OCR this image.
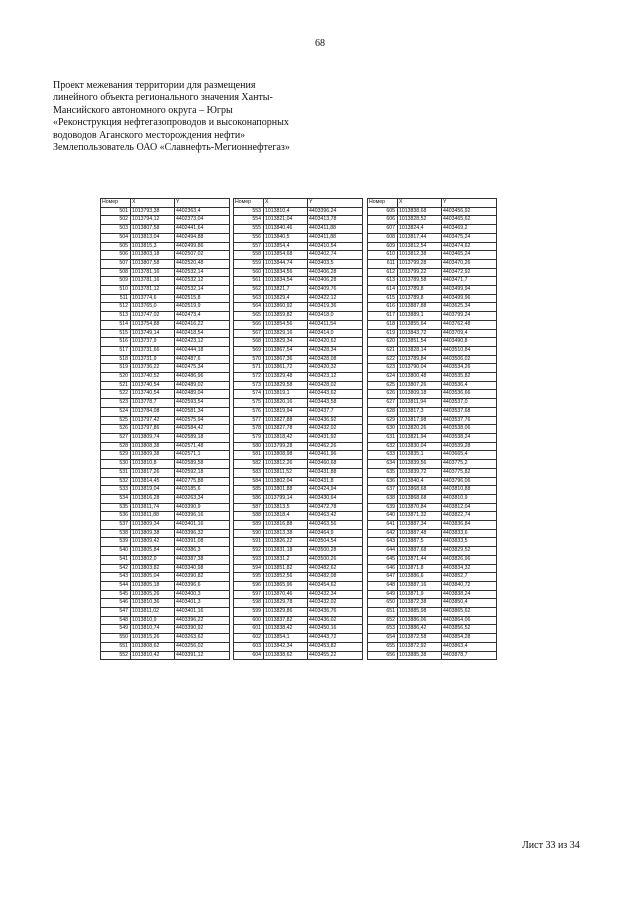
68
Проект межевания территории для размещения
линейного объекта регионального значения Ханты-
Мансийского автономного округа – Югры
«Реконструкция нефтегазопроводов и высоконапорных
водоводов Аганского месторождения нефти»
Землепользователь ОАО «Славнефть-Мегионнефтегаз»
Номер	X	Y
501	1013793,38	4402363,4
502	1013794,12	4402373,04
503	1013807,58	4402441,64
504	1013813,04	4402494,88
505	1013815,3	4402499,86
506	1013803,18	4402507,02
507	1013807,58	4402520,48
508	1013781,16	4402532,14
509	1013781,16	4402532,12
510	1013781,12	4402532,14
511	1013774,6	4402515,8
512	1013765,0	4402519,9
513	1013747,02	4402473,4
514	1013754,88	4402416,22
515	1013749,14	4402418,54
516	1013737,9	4402423,12
517	1013731,66	4402444,18
518	1013731,9	4402487,6
519	1013736,22	4402475,34
520	1013740,52	4402486,96
521	1013740,54	4402489,02
522	1013740,54	4402489,04
523	1013778,7	4402593,54
524	1013784,08	4402581,34
525	1013797,42	4402575,94
526	1013797,86	4402584,42
527	1013809,74	4402589,18
528	1013808,38	4402571,48
529	1013809,38	4402571,1
530	1013810,8	4402589,58
531	1013817,26	4402592,18
532	1013814,45	4402775,88
533	1013819,04	4403185,6
534	1013816,28	4403263,34
535	1013811,74	4403390,9
536	1013811,88	4403396,16
537	1013809,34	4403401,16
538	1013809,38	4403396,32
539	1013809,42	4403391,08
540	1013805,84	4403386,3
541	1013802,0	4403387,38
542	1013803,82	4403340,98
543	1013805,04	4403390,82
544	1013805,18	4403396,6
545	1013805,26	4403400,3
546	1013810,36	4403401,3
547	1013811,02	4403401,16
548	1013810,9	4403396,22
549	1013810,74	4403390,92
550	1013815,26	4403263,62
551	1013808,62	4403256,02
552	1013810,42	4403391,12
Номер	X	Y
553	1013810,4	4403396,24
554	1013821,04	4403413,78
555	1013840,46	4403411,88
556	1013840,5	4403411,88
557	1013854,4	4403410,54
558	1013854,68	4403402,74
559	1013844,74	4403403,5
560	1013834,56	4403406,28
561	1013834,54	4403406,28
562	1013821,7	4403409,76
563	1013829,4	4403422,12
564	1013860,92	4403419,36
565	1013859,82	4403418,0
566	1013854,56	4403411,54
567	1013829,16	4403414,0
568	1013829,34	4403420,62
569	1013867,54	4403428,34
570	1013867,36	4403428,08
571	1013861,72	4403420,32
572	1013829,48	4403423,12
573	1013829,58	4403428,02
574	1013819,1	4403443,62
575	1013820,16	4403443,58
576	1013819,94	4403437,7
577	1013827,88	4403436,92
578	1013827,78	4403432,02
579	1013818,42	4403431,92
580	1013799,28	4403462,26
581	1013808,98	4403461,96
582	1013812,26	4403460,68
583	1013811,52	4403431,88
584	1013802,04	4403431,8
585	1013801,88	4403424,94
586	1013799,14	4403430,64
587	1013813,5	4403472,78
588	1013818,4	4403463,42
589	1013816,88	4403463,56
590	1013813,38	4403464,9
591	1013826,22	4403504,54
592	1013831,18	4403500,28
593	1013831,2	4403500,26
594	1013851,82	4403482,62
595	1013852,56	4403482,08
596	1013865,96	4403454,62
597	1013870,46	4403432,34
598	1013829,78	4403432,02
599	1013829,86	4403436,76
600	1013837,82	4403436,02
601	1013838,42	4403450,16
602	1013854,1	4403443,72
603	1013842,34	4403453,82
604	1013838,62	4403455,22
Номер	X	Y
605	1013838,68	4403456,92
606	1013828,52	4403465,62
607	1013824,4	4403469,2
608	1013817,44	4403475,24
609	1013812,54	4403474,62
610	1013812,38	4403465,24
611	1013799,28	4403470,26
612	1013799,22	4403472,92
613	1013789,58	4403471,7
614	1013789,8	4403499,94
615	1013789,8	4403499,96
616	1013887,88	4403625,34
617	1013889,1	4403799,24
618	1013855,64	4403762,48
619	1013843,72	4403709,4
620	1013851,54	4403490,8
621	1013828,14	4403510,84
622	1013789,84	4403506,02
623	1013790,04	4403534,26
624	1013800,48	4403535,82
625	1013807,26	4403536,4
626	1013809,18	4403536,66
627	1013811,94	4403537,0
628	1013817,3	4403537,68
629	1013817,98	4403537,76
630	1013820,26	4403538,06
631	1013821,94	4403538,24
632	1013830,04	4403539,28
633	1013835,1	4403665,4
634	1013839,56	4403775,2
635	1013839,72	4403775,82
636	1013840,4	4403796,06
637	1013868,68	4403810,88
638	1013868,68	4403810,9
639	1013870,84	4403812,04
640	1013871,32	4403822,74
641	1013887,34	4403836,84
642	1013887,48	4403833,6
643	1013887,5	4403833,5
644	1013887,68	4403829,52
645	1013871,44	4403826,96
646	1013871,8	4403834,32
647	1013886,6	4403852,7
648	1013887,16	4403840,72
649	1013871,9	4403838,24
650	1013872,38	4403850,4
651	1013885,98	4403865,62
652	1013886,06	4403864,06
653	1013886,42	4403856,52
654	1013872,58	4403854,28
655	1013872,92	4403863,4
656	1013885,38	4403878,7
Лист 33 из 34
